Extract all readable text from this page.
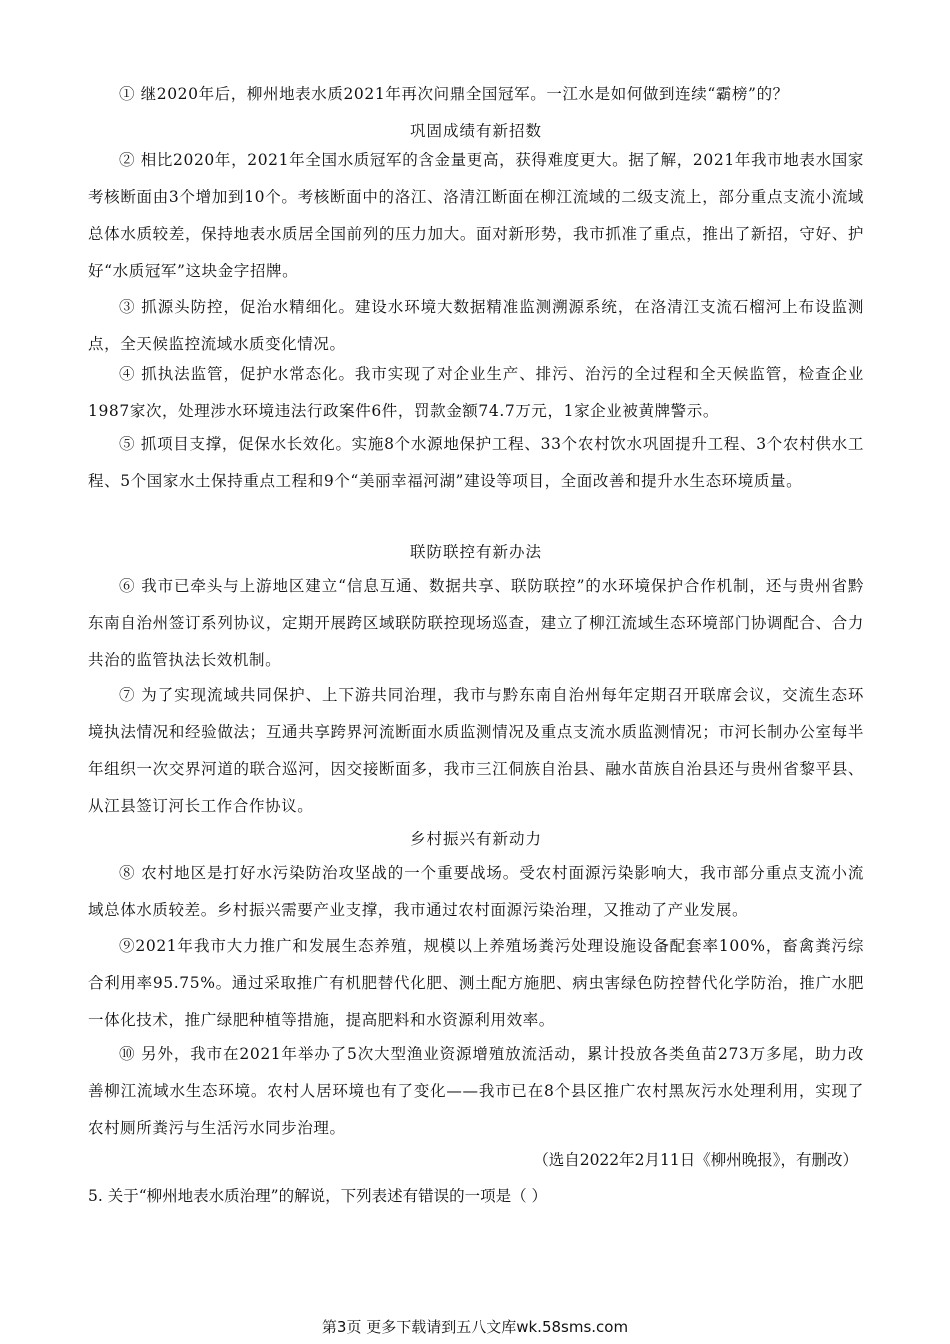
① 继2020年后，柳州地表水质2021年再次问鼎全国冠军。一江水是如何做到连续“霸榜”的？

巩固成绩有新招数

② 相比2020年，2021年全国水质冠军的含金量更高，获得难度更大。据了解，2021年我市地表水国家考核断面由3个增加到10个。考核断面中的洛江、洛清江断面在柳江流域的二级支流上，部分重点支流小流域总体水质较差，保持地表水质居全国前列的压力加大。面对新形势，我市抓准了重点，推出了新招，守好、护好“水质冠军”这块金字招牌。

③ 抓源头防控，促治水精细化。建设水环境大数据精准监测溯源系统，在洛清江支流石榴河上布设监测点，全天候监控流域水质变化情况。

④ 抓执法监管，促护水常态化。我市实现了对企业生产、排污、治污的全过程和全天候监管，检查企业1987家次，处理涉水环境违法行政案件6件，罚款金额74.7万元，1家企业被黄牌警示。

⑤ 抓项目支撑，促保水长效化。实施8个水源地保护工程、33个农村饮水巩固提升工程、3个农村供水工程、5个国家水土保持重点工程和9个“美丽幸福河湖”建设等项目，全面改善和提升水生态环境质量。

联防联控有新办法

⑥ 我市已牵头与上游地区建立“信息互通、数据共享、联防联控”的水环境保护合作机制，还与贵州省黔东南自治州签订系列协议，定期开展跨区域联防联控现场巡查，建立了柳江流域生态环境部门协调配合、合力共治的监管执法长效机制。

⑦ 为了实现流域共同保护、上下游共同治理，我市与黔东南自治州每年定期召开联席会议，交流生态环境执法情况和经验做法；互通共享跨界河流断面水质监测情况及重点支流水质监测情况；市河长制办公室每半年组织一次交界河道的联合巡河，因交接断面多，我市三江侗族自治县、融水苗族自治县还与贵州省黎平县、从江县签订河长工作合作协议。

乡村振兴有新动力

⑧ 农村地区是打好水污染防治攻坚战的一个重要战场。受农村面源污染影响大，我市部分重点支流小流域总体水质较差。乡村振兴需要产业支撑，我市通过农村面源污染治理，又推动了产业发展。

⑨2021年我市大力推广和发展生态养殖，规模以上养殖场粪污处理设施设备配套率100%，畜禽粪污综合利用率95.75%。通过采取推广有机肥替代化肥、测土配方施肥、病虫害绿色防控替代化学防治，推广水肥一体化技术，推广绿肥种植等措施，提高肥料和水资源利用效率。

⑩ 另外，我市在2021年举办了5次大型渔业资源增殖放流活动，累计投放各类鱼苗273万多尾，助力改善柳江流域水生态环境。农村人居环境也有了变化——我市已在8个县区推广农村黑灰污水处理利用，实现了农村厕所粪污与生活污水同步治理。

（选自2022年2月11日《柳州晚报》，有删改）

5. 关于“柳州地表水质治理”的解说，下列表述有错误的一项是（ ）

第3页 更多下载请到五八文库wk.58sms.com
